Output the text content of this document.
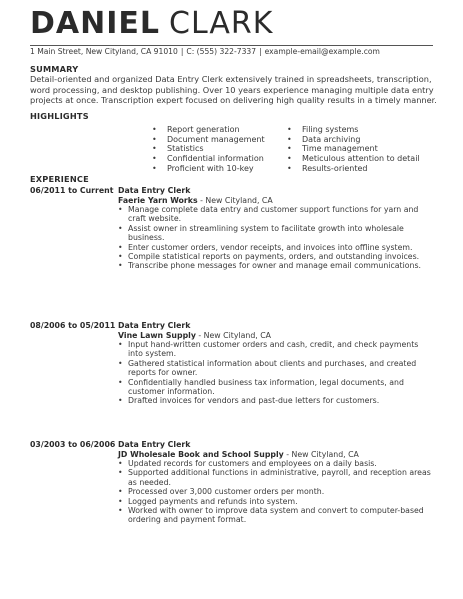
DANIEL CLARK
1 Main Street, New Cityland, CA 91010 | C: (555) 322-7337 | example-email@example.com
SUMMARY
Detail-oriented and organized Data Entry Clerk extensively trained in spreadsheets, transcription, word processing, and desktop publishing. Over 10 years experience managing multiple data entry projects at once. Transcription expert focused on delivering high quality results in a timely manner.
HIGHLIGHTS
• Report generation
• Document management
• Statistics
• Confidential information
• Proficient with 10-key
• Filing systems
• Data archiving
• Time management
• Meticulous attention to detail
• Results-oriented
EXPERIENCE
06/2011 to Current Data Entry Clerk
Faerie Yarn Works - New Cityland, CA
• Manage complete data entry and customer support functions for yarn and craft website.
• Assist owner in streamlining system to facilitate growth into wholesale business.
• Enter customer orders, vendor receipts, and invoices into offline system.
• Compile statistical reports on payments, orders, and outstanding invoices.
• Transcribe phone messages for owner and manage email communications.
08/2006 to 05/2011 Data Entry Clerk
Vine Lawn Supply - New Cityland, CA
• Input hand-written customer orders and cash, credit, and check payments into system.
• Gathered statistical information about clients and purchases, and created reports for owner.
• Confidentially handled business tax information, legal documents, and customer information.
• Drafted invoices for vendors and past-due letters for customers.
03/2003 to 06/2006 Data Entry Clerk
JD Wholesale Book and School Supply - New Cityland, CA
• Updated records for customers and employees on a daily basis.
• Supported additional functions in administrative, payroll, and reception areas as needed.
• Processed over 3,000 customer orders per month.
• Logged payments and refunds into system.
• Worked with owner to improve data system and convert to computer-based ordering and payment format.
